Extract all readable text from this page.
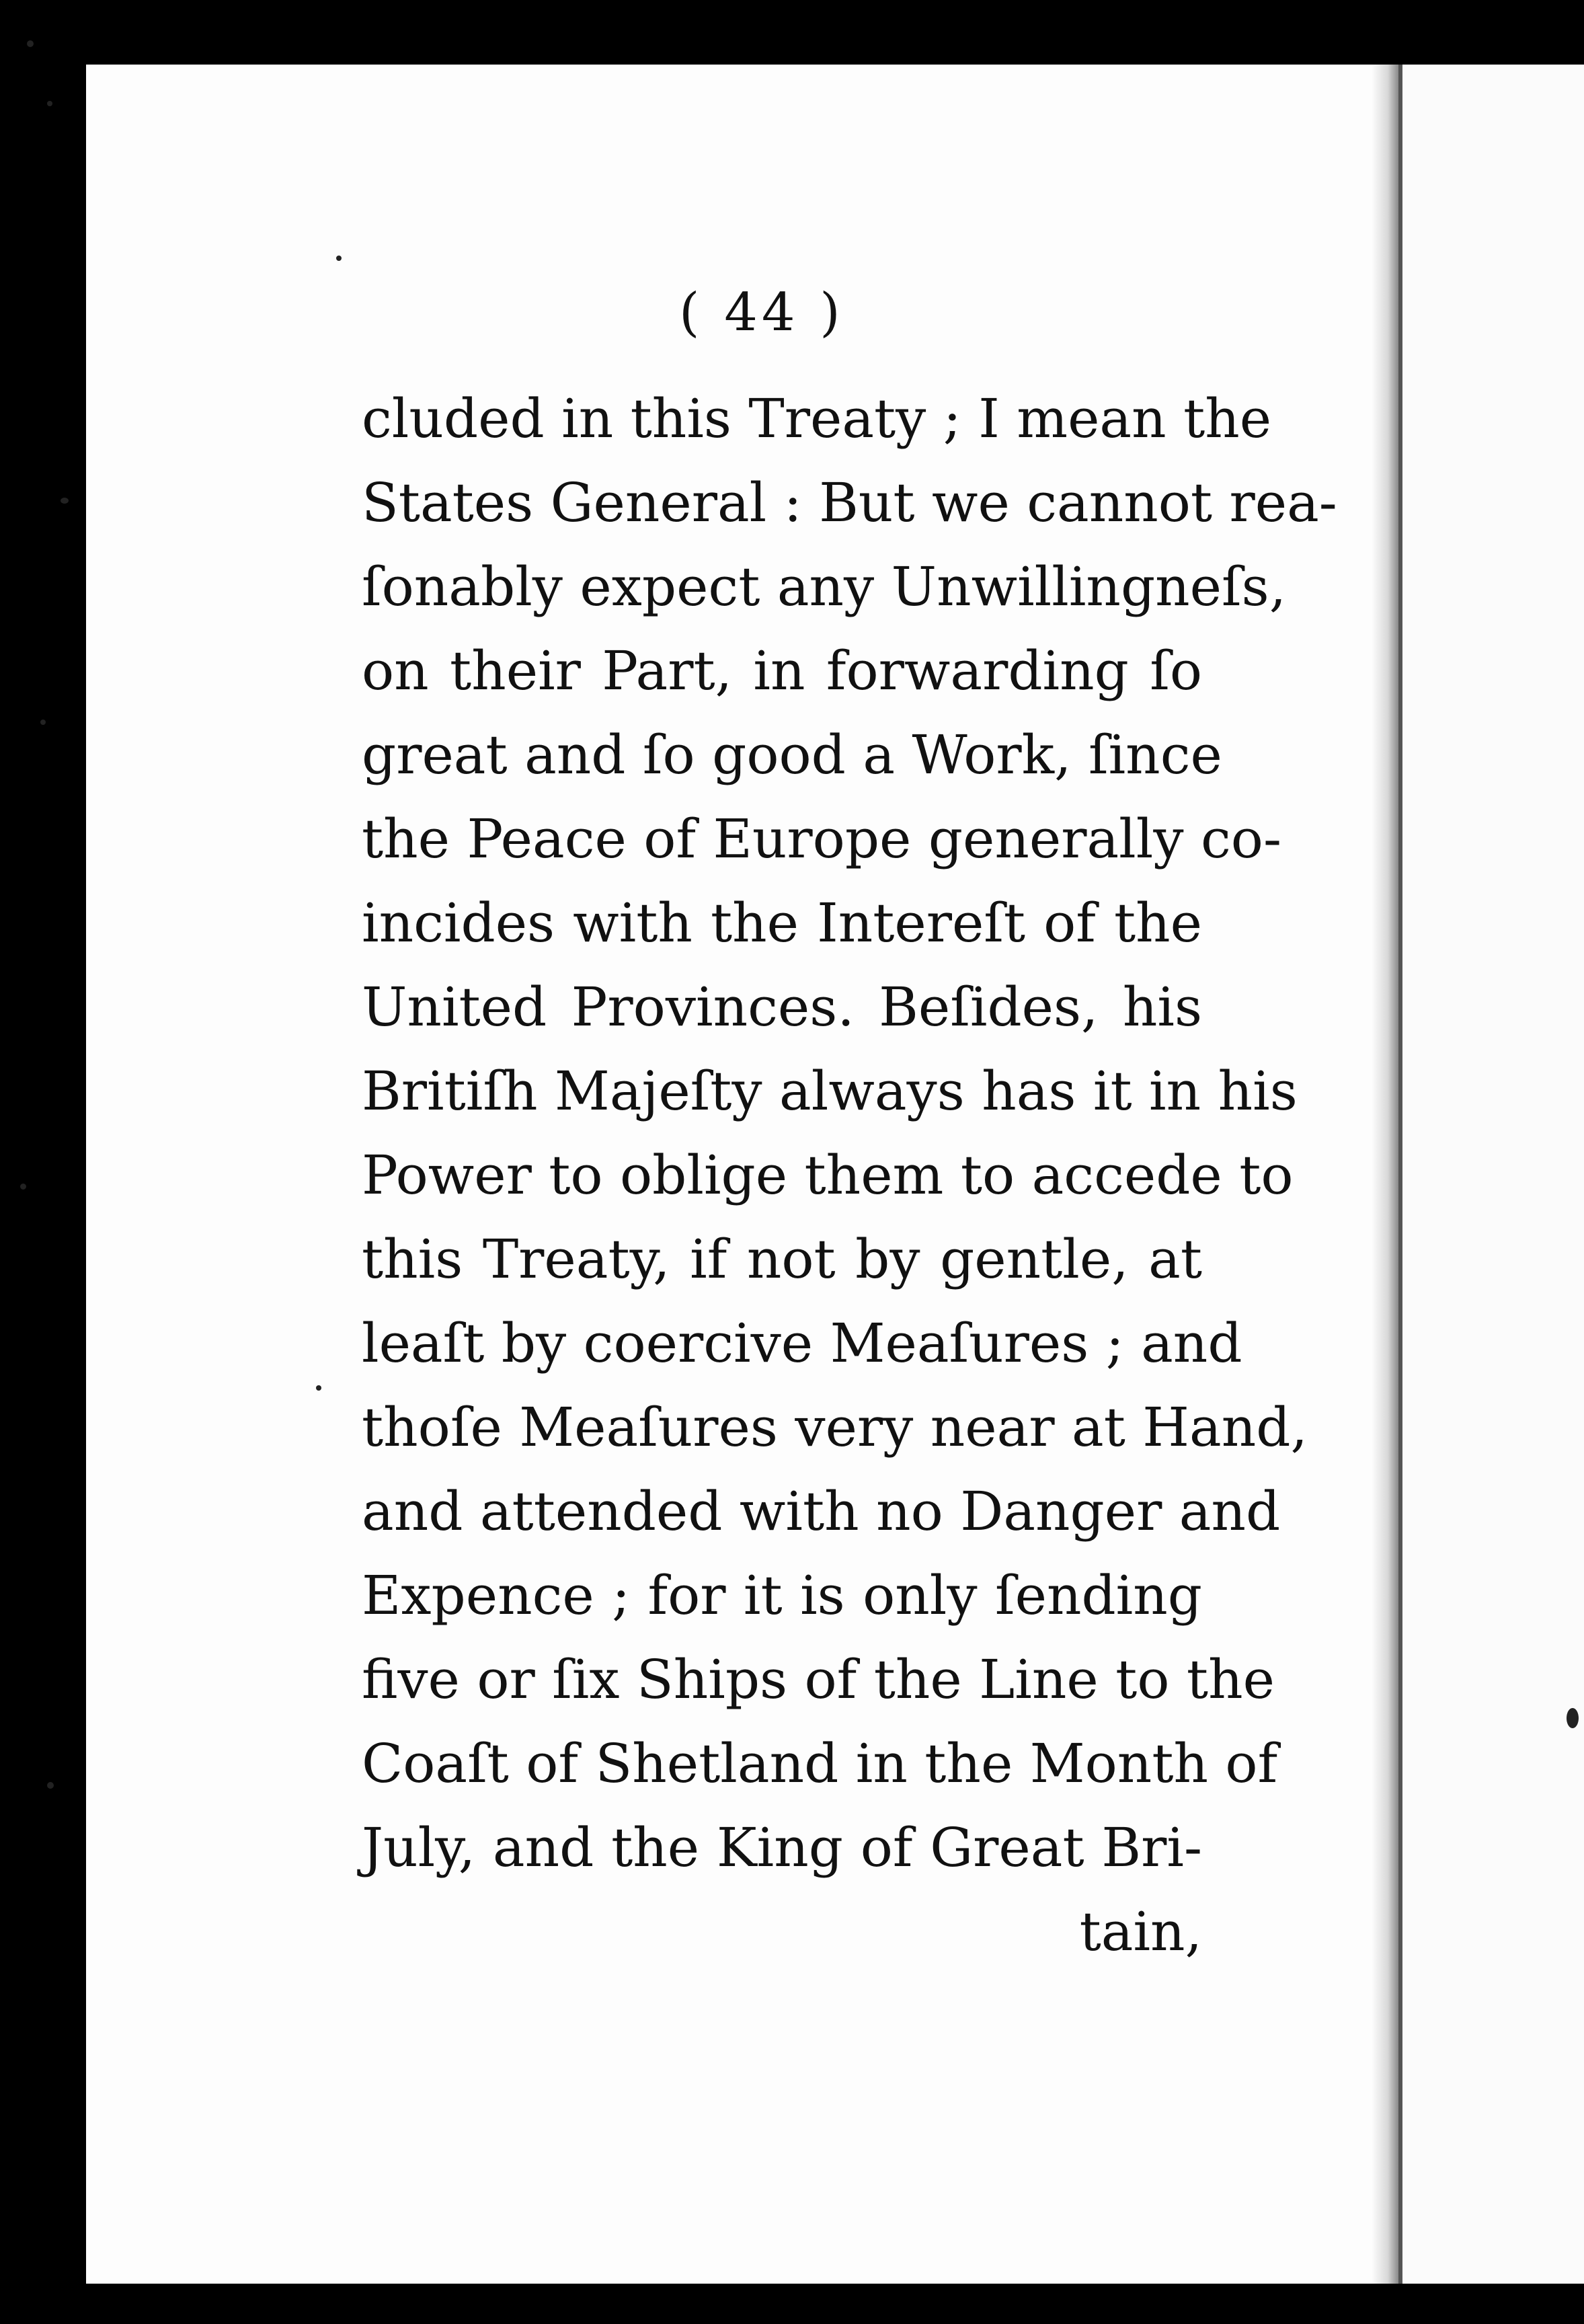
( 44 )
cluded in this Treaty ; I mean the
States General : But we cannot rea-
ſonably expect any Unwillingneſs,
on their Part, in forwarding ſo
great and ſo good a Work, ſince
the Peace of Europe generally co-
incides with the Intereſt of the
United Provinces. Beſides, his
Britiſh Majeſty always has it in his
Power to oblige them to accede to
this Treaty, if not by gentle, at
leaſt by coercive Meaſures ; and
thoſe Meaſures very near at Hand,
and attended with no Danger and
Expence ; for it is only ſending
five or ſix Ships of the Line to the
Coaſt of Shetland in the Month of
July, and the King of Great Bri-
tain,
